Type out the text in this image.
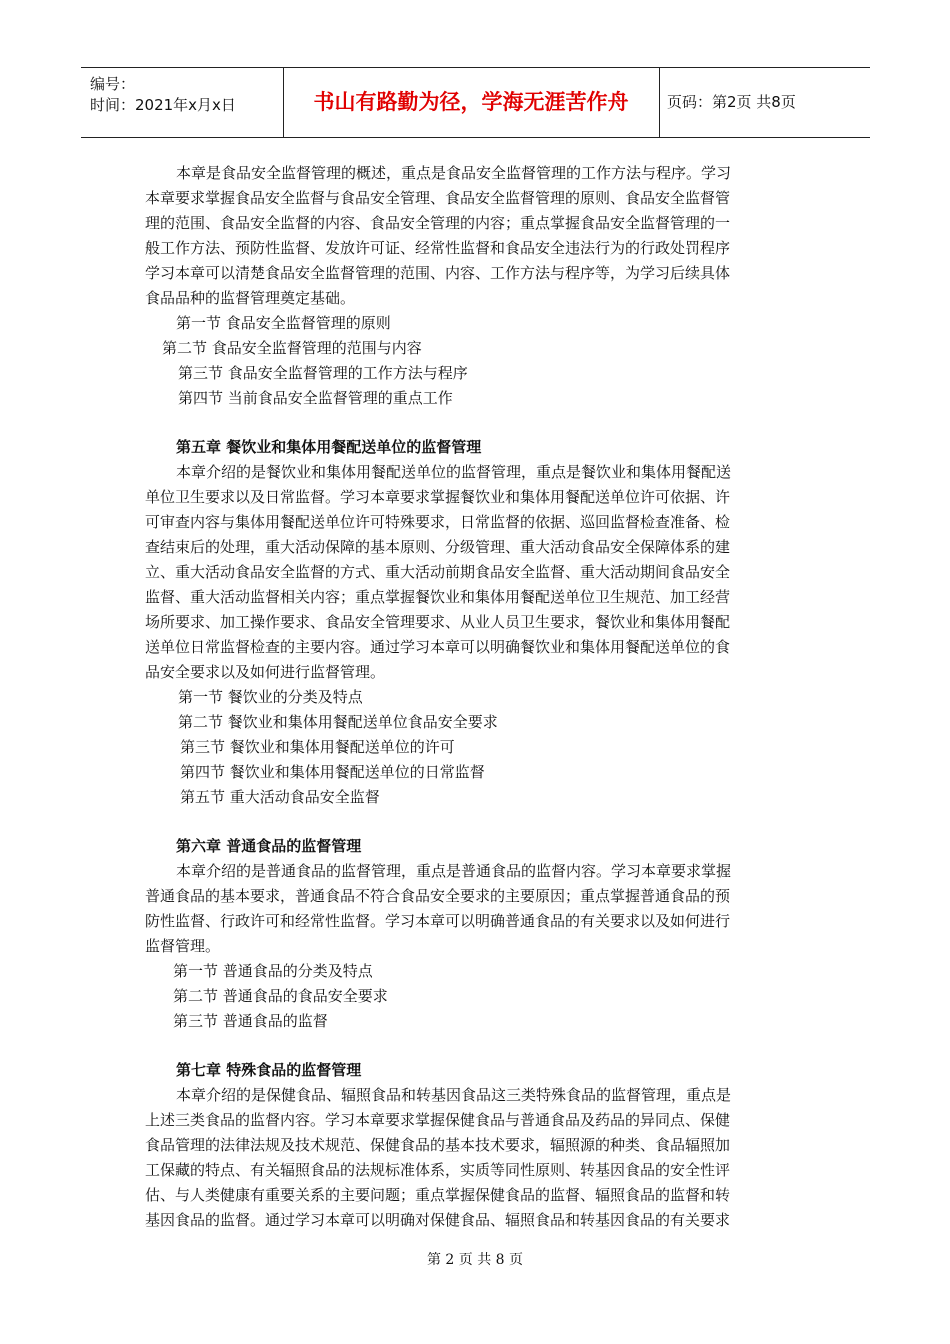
编号：
时间：2021年x月x日	书山有路勤为径，学海无涯苦作舟	页码：第2页 共8页
本章是食品安全监督管理的概述，重点是食品安全监督管理的工作方法与程序。学习
本章要求掌握食品安全监督与食品安全管理、食品安全监督管理的原则、食品安全监督管
理的范围、食品安全监督的内容、食品安全管理的内容；重点掌握食品安全监督管理的一
般工作方法、预防性监督、发放许可证、经常性监督和食品安全违法行为的行政处罚程序
学习本章可以清楚食品安全监督管理的范围、内容、工作方法与程序等，为学习后续具体
食品品种的监督管理奠定基础。
第一节 食品安全监督管理的原则
第二节 食品安全监督管理的范围与内容
第三节 食品安全监督管理的工作方法与程序
第四节 当前食品安全监督管理的重点工作
第五章 餐饮业和集体用餐配送单位的监督管理
本章介绍的是餐饮业和集体用餐配送单位的监督管理，重点是餐饮业和集体用餐配送
单位卫生要求以及日常监督。学习本章要求掌握餐饮业和集体用餐配送单位许可依据、许
可审查内容与集体用餐配送单位许可特殊要求，日常监督的依据、巡回监督检查准备、检
查结束后的处理，重大活动保障的基本原则、分级管理、重大活动食品安全保障体系的建
立、重大活动食品安全监督的方式、重大活动前期食品安全监督、重大活动期间食品安全
监督、重大活动监督相关内容；重点掌握餐饮业和集体用餐配送单位卫生规范、加工经营
场所要求、加工操作要求、食品安全管理要求、从业人员卫生要求，餐饮业和集体用餐配
送单位日常监督检查的主要内容。通过学习本章可以明确餐饮业和集体用餐配送单位的食
品安全要求以及如何进行监督管理。
第一节 餐饮业的分类及特点
第二节 餐饮业和集体用餐配送单位食品安全要求
第三节 餐饮业和集体用餐配送单位的许可
第四节 餐饮业和集体用餐配送单位的日常监督
第五节 重大活动食品安全监督
第六章 普通食品的监督管理
本章介绍的是普通食品的监督管理，重点是普通食品的监督内容。学习本章要求掌握
普通食品的基本要求，普通食品不符合食品安全要求的主要原因；重点掌握普通食品的预
防性监督、行政许可和经常性监督。学习本章可以明确普通食品的有关要求以及如何进行
监督管理。
第一节 普通食品的分类及特点
第二节 普通食品的食品安全要求
第三节 普通食品的监督
第七章 特殊食品的监督管理
本章介绍的是保健食品、辐照食品和转基因食品这三类特殊食品的监督管理，重点是
上述三类食品的监督内容。学习本章要求掌握保健食品与普通食品及药品的异同点、保健
食品管理的法律法规及技术规范、保健食品的基本技术要求，辐照源的种类、食品辐照加
工保藏的特点、有关辐照食品的法规标准体系，实质等同性原则、转基因食品的安全性评
估、与人类健康有重要关系的主要问题；重点掌握保健食品的监督、辐照食品的监督和转
基因食品的监督。通过学习本章可以明确对保健食品、辐照食品和转基因食品的有关要求
第 2 页 共 8 页
